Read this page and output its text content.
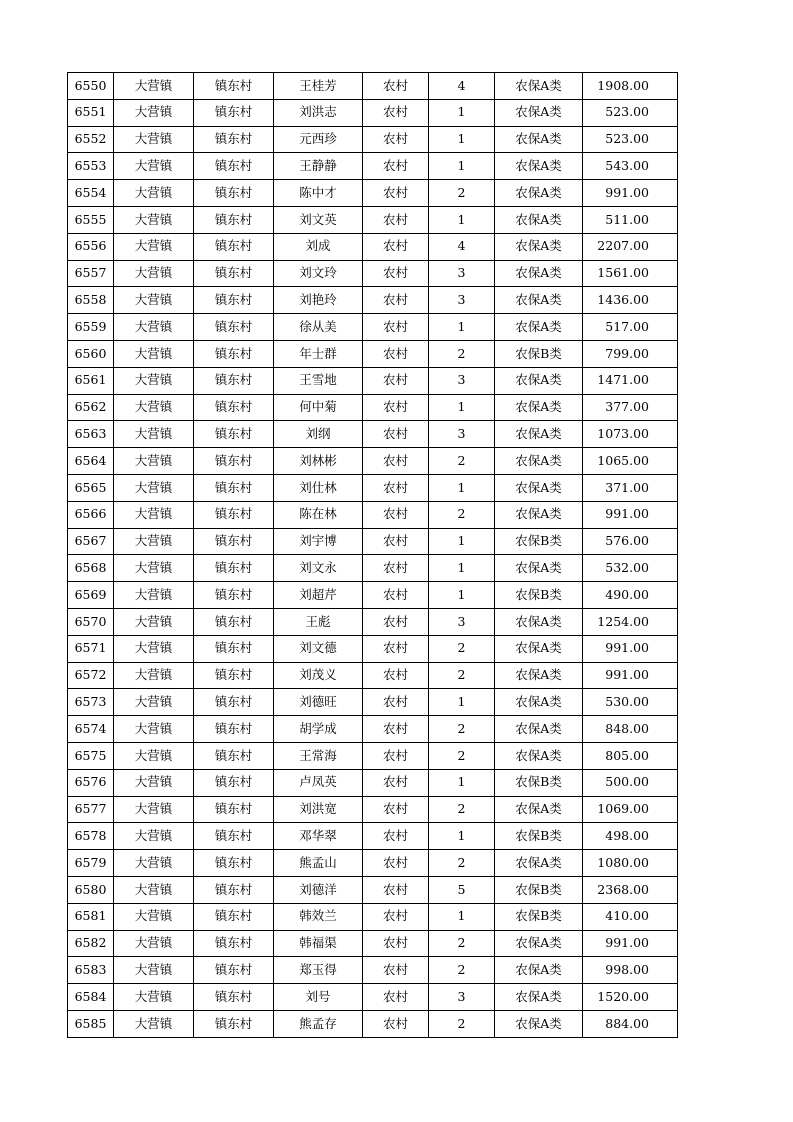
6550	大营镇	镇东村	王桂芳	农村	4	农保A类	1908.00
6551	大营镇	镇东村	刘洪志	农村	1	农保A类	523.00
6552	大营镇	镇东村	元西珍	农村	1	农保A类	523.00
6553	大营镇	镇东村	王静静	农村	1	农保A类	543.00
6554	大营镇	镇东村	陈中才	农村	2	农保A类	991.00
6555	大营镇	镇东村	刘文英	农村	1	农保A类	511.00
6556	大营镇	镇东村	刘成	农村	4	农保A类	2207.00
6557	大营镇	镇东村	刘文玲	农村	3	农保A类	1561.00
6558	大营镇	镇东村	刘艳玲	农村	3	农保A类	1436.00
6559	大营镇	镇东村	徐从美	农村	1	农保A类	517.00
6560	大营镇	镇东村	年士群	农村	2	农保B类	799.00
6561	大营镇	镇东村	王雪地	农村	3	农保A类	1471.00
6562	大营镇	镇东村	何中菊	农村	1	农保A类	377.00
6563	大营镇	镇东村	刘纲	农村	3	农保A类	1073.00
6564	大营镇	镇东村	刘林彬	农村	2	农保A类	1065.00
6565	大营镇	镇东村	刘仕林	农村	1	农保A类	371.00
6566	大营镇	镇东村	陈在林	农村	2	农保A类	991.00
6567	大营镇	镇东村	刘宇博	农村	1	农保B类	576.00
6568	大营镇	镇东村	刘文永	农村	1	农保A类	532.00
6569	大营镇	镇东村	刘超芹	农村	1	农保B类	490.00
6570	大营镇	镇东村	王彪	农村	3	农保A类	1254.00
6571	大营镇	镇东村	刘文德	农村	2	农保A类	991.00
6572	大营镇	镇东村	刘茂义	农村	2	农保A类	991.00
6573	大营镇	镇东村	刘德旺	农村	1	农保A类	530.00
6574	大营镇	镇东村	胡学成	农村	2	农保A类	848.00
6575	大营镇	镇东村	王常海	农村	2	农保A类	805.00
6576	大营镇	镇东村	卢凤英	农村	1	农保B类	500.00
6577	大营镇	镇东村	刘洪宽	农村	2	农保A类	1069.00
6578	大营镇	镇东村	邓华翠	农村	1	农保B类	498.00
6579	大营镇	镇东村	熊孟山	农村	2	农保A类	1080.00
6580	大营镇	镇东村	刘德洋	农村	5	农保B类	2368.00
6581	大营镇	镇东村	韩效兰	农村	1	农保B类	410.00
6582	大营镇	镇东村	韩福渠	农村	2	农保A类	991.00
6583	大营镇	镇东村	郑玉得	农村	2	农保A类	998.00
6584	大营镇	镇东村	刘号	农村	3	农保A类	1520.00
6585	大营镇	镇东村	熊孟存	农村	2	农保A类	884.00
